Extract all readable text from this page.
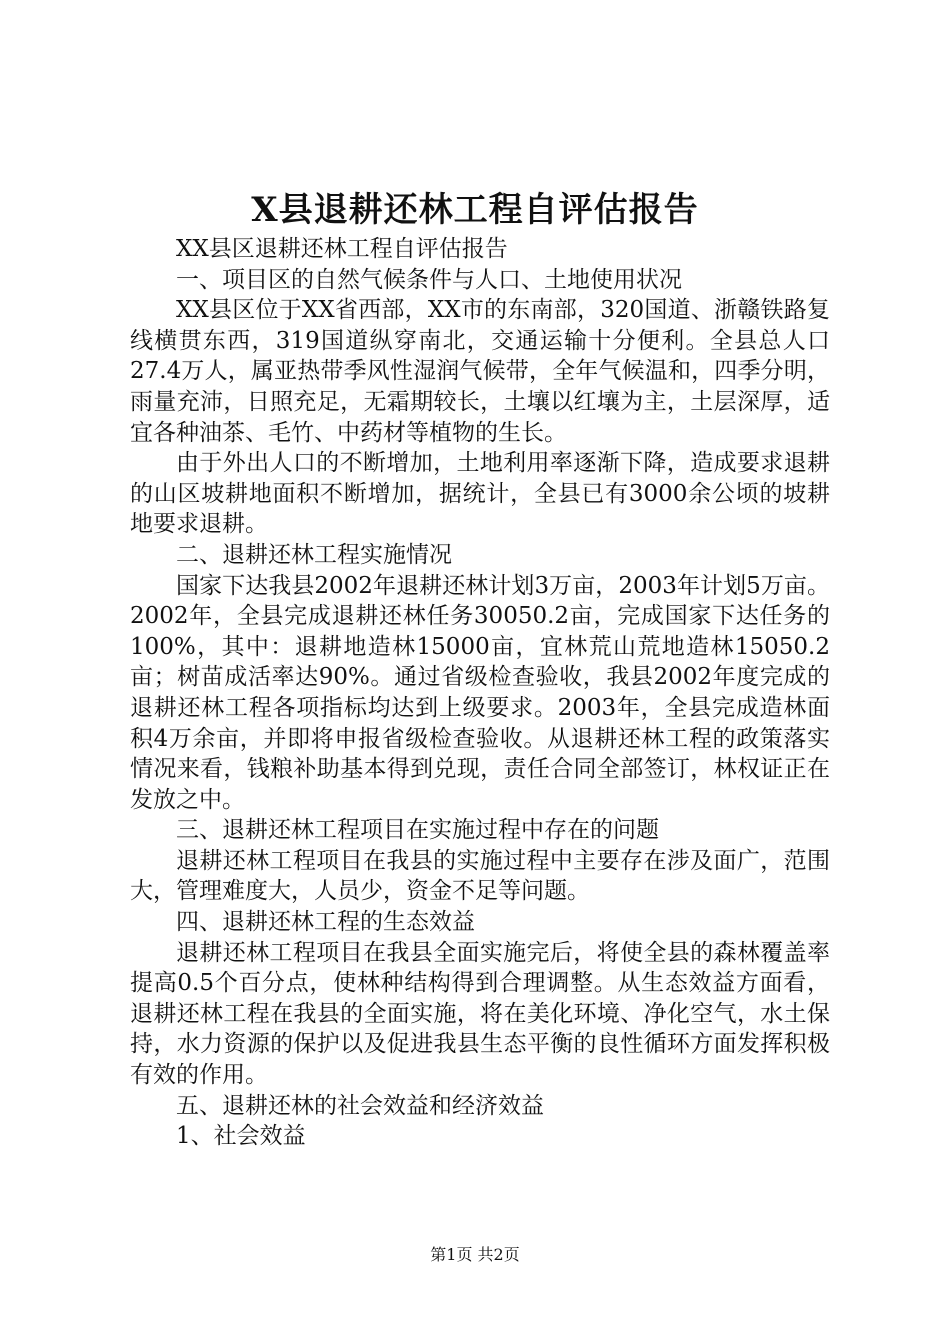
X县退耕还林工程自评估报告

XX县区退耕还林工程自评估报告

一、项目区的自然气候条件与人口、土地使用状况

XX县区位于XX省西部，XX市的东南部，320国道、浙赣铁路复线横贯东西，319国道纵穿南北，交通运输十分便利。全县总人口27.4万人，属亚热带季风性湿润气候带，全年气候温和，四季分明，雨量充沛，日照充足，无霜期较长，土壤以红壤为主，土层深厚，适宜各种油茶、毛竹、中药材等植物的生长。

由于外出人口的不断增加，土地利用率逐渐下降，造成要求退耕的山区坡耕地面积不断增加，据统计，全县已有3000余公顷的坡耕地要求退耕。

二、退耕还林工程实施情况

国家下达我县2002年退耕还林计划3万亩，2003年计划5万亩。2002年，全县完成退耕还林任务30050.2亩，完成国家下达任务的100%，其中：退耕地造林15000亩，宜林荒山荒地造林15050.2亩；树苗成活率达90%。通过省级检查验收，我县2002年度完成的退耕还林工程各项指标均达到上级要求。2003年，全县完成造林面积4万余亩，并即将申报省级检查验收。从退耕还林工程的政策落实情况来看，钱粮补助基本得到兑现，责任合同全部签订，林权证正在发放之中。

三、退耕还林工程项目在实施过程中存在的问题

退耕还林工程项目在我县的实施过程中主要存在涉及面广，范围大，管理难度大，人员少，资金不足等问题。

四、退耕还林工程的生态效益

退耕还林工程项目在我县全面实施完后，将使全县的森林覆盖率提高0.5个百分点，使林种结构得到合理调整。从生态效益方面看，退耕还林工程在我县的全面实施，将在美化环境、净化空气，水土保持，水力资源的保护以及促进我县生态平衡的良性循环方面发挥积极有效的作用。

五、退耕还林的社会效益和经济效益

1、社会效益

第1页 共2页
